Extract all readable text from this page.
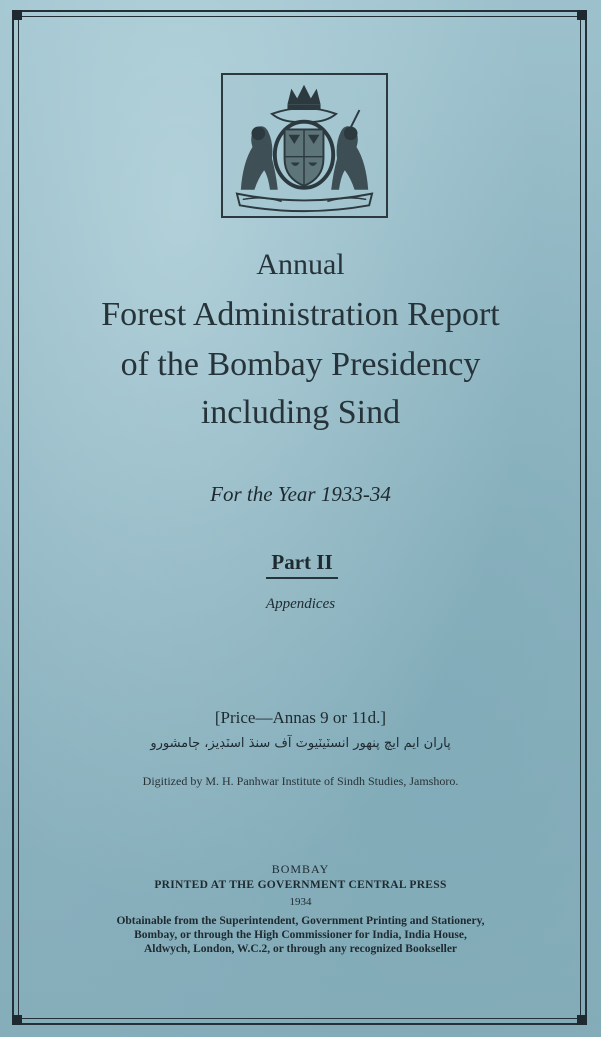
Annual
Forest Administration Report
of the Bombay Presidency
including Sind
For the Year 1933-34
Part II
Appendices
[Price—Annas 9 or 11d.]
پاران ایم ایچ پنهور انسٽيٽيوٽ آف سنڌ اسٽڊيز، ڄامشورو
Digitized by M. H. Panhwar Institute of Sindh Studies, Jamshoro.
BOMBAY
PRINTED AT THE GOVERNMENT CENTRAL PRESS
1934
Obtainable from the Superintendent, Government Printing and Stationery,
Bombay, or through the High Commissioner for India, India House,
Aldwych, London, W.C.2, or through any recognized Bookseller
